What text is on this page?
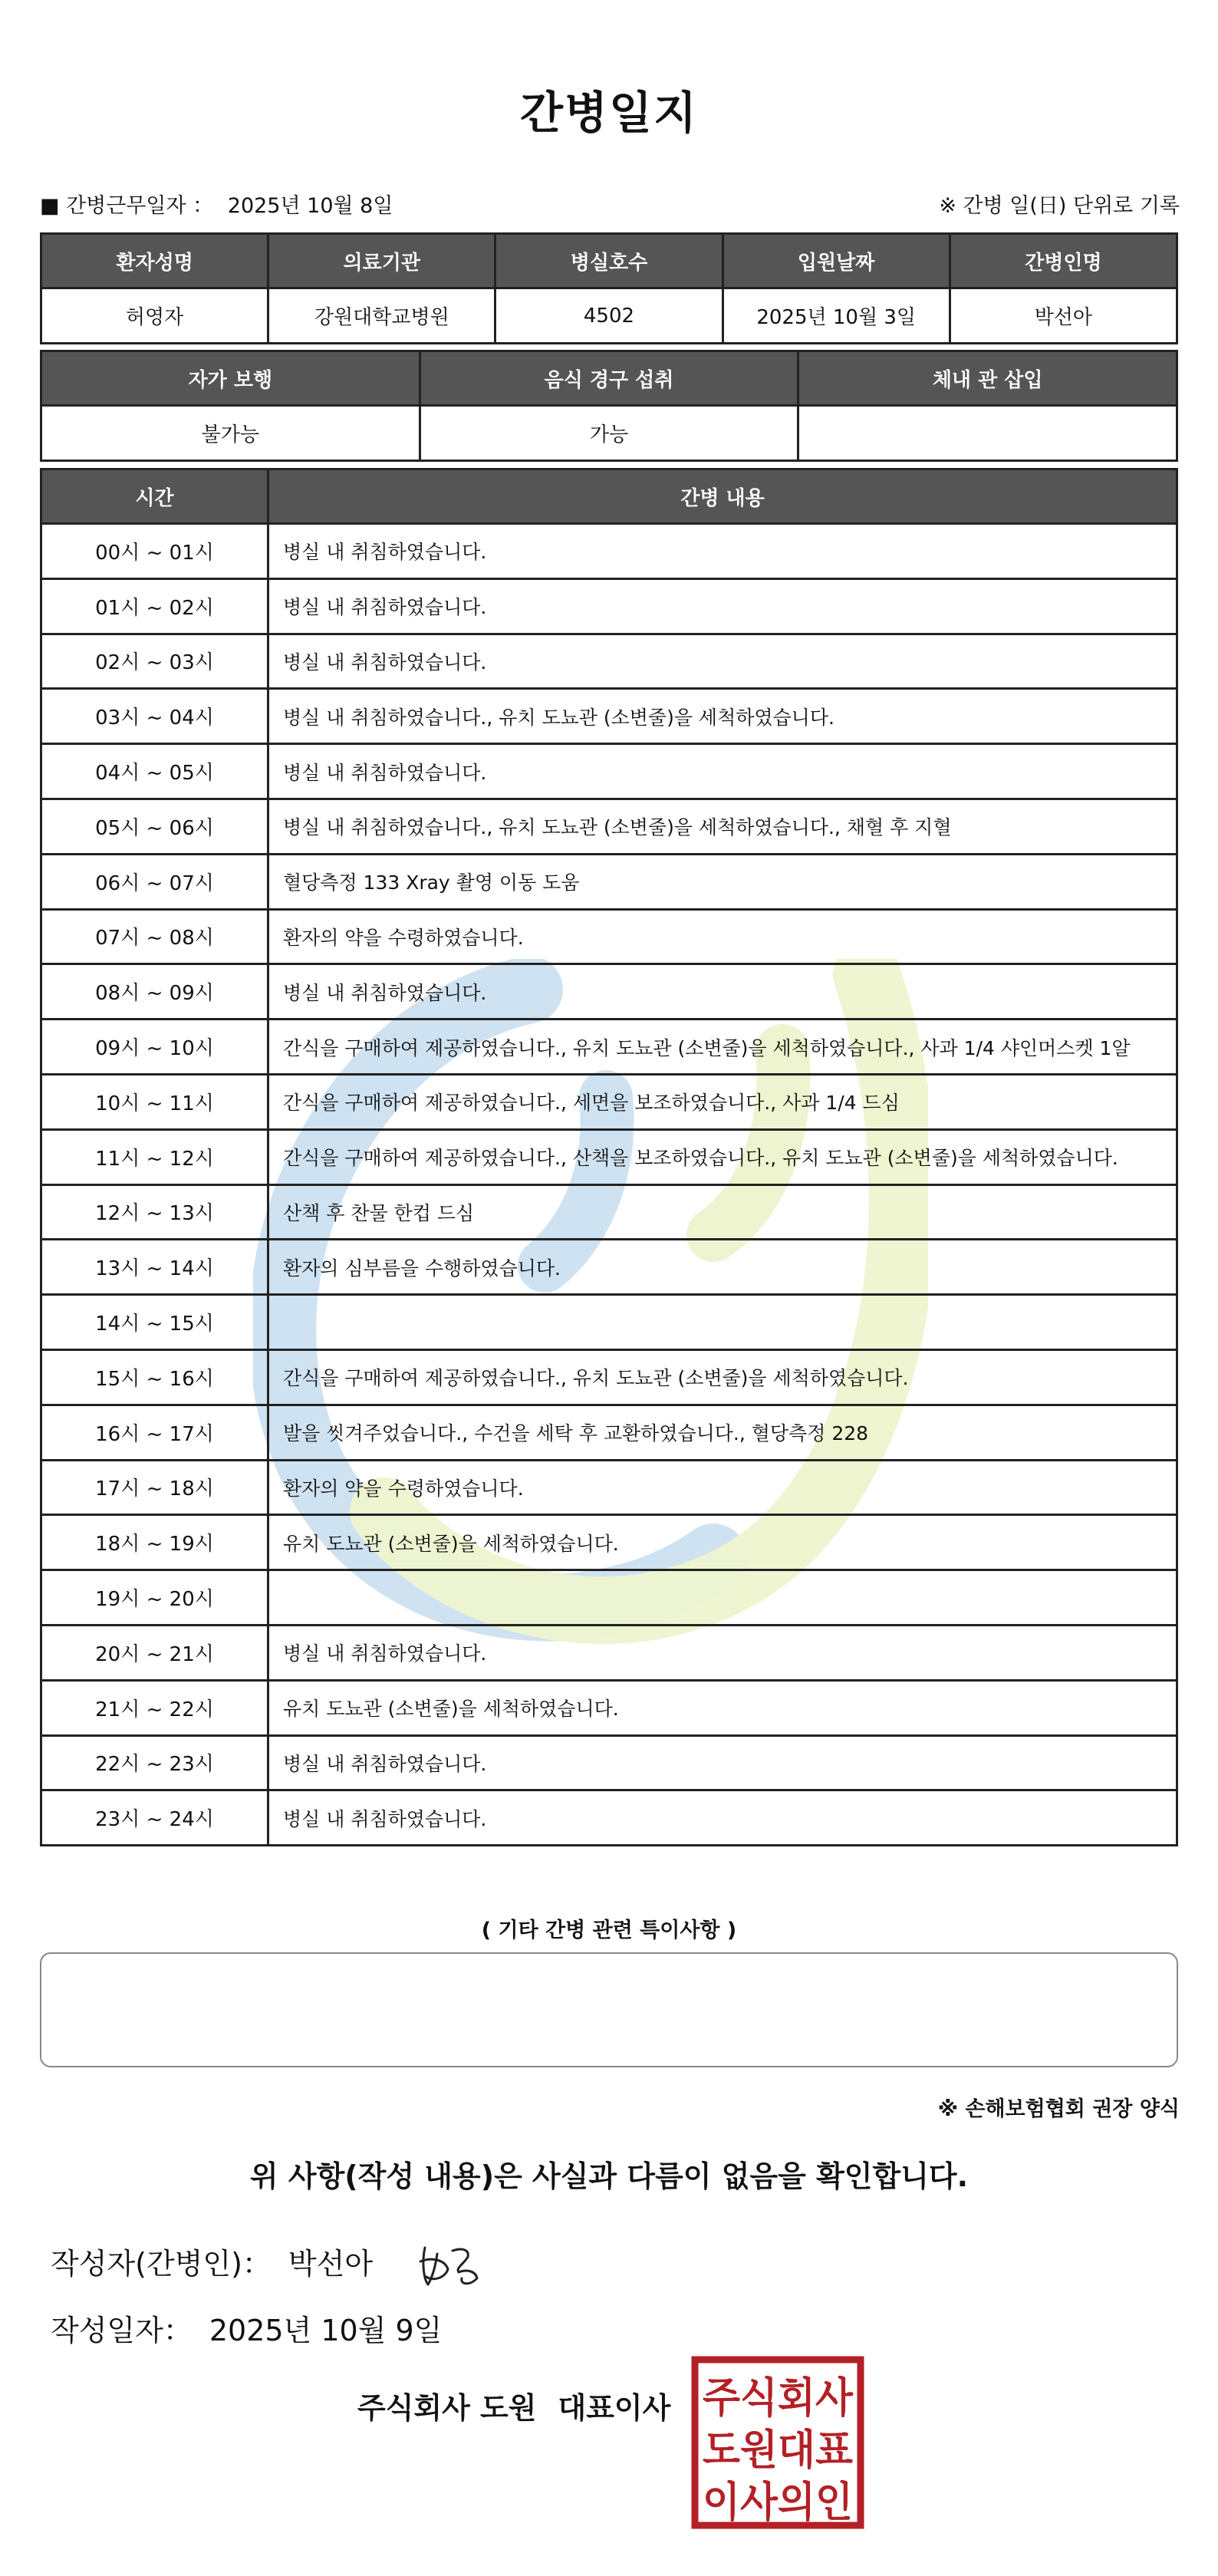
간병일지
■ 간병근무일자 ： 2025년 10월 8일	※ 간병 일(日) 단위로 기록
환자성명	의료기관	병실호수	입원날짜	간병인명
허영자	강원대학교병원	4502	2025년 10월 3일	박선아
자가 보행	음식 경구 섭취	체내 관 삽입
불가능	가능	
시간	간병 내용
00시 ~ 01시	병실 내 취침하였습니다.
01시 ~ 02시	병실 내 취침하였습니다.
02시 ~ 03시	병실 내 취침하였습니다.
03시 ~ 04시	병실 내 취침하였습니다., 유치 도뇨관 (소변줄)을 세척하였습니다.
04시 ~ 05시	병실 내 취침하였습니다.
05시 ~ 06시	병실 내 취침하였습니다., 유치 도뇨관 (소변줄)을 세척하였습니다., 채혈 후 지혈
06시 ~ 07시	혈당측정 133 Xray 촬영 이동 도움
07시 ~ 08시	환자의 약을 수령하였습니다.
08시 ~ 09시	병실 내 취침하였습니다.
09시 ~ 10시	간식을 구매하여 제공하였습니다., 유치 도뇨관 (소변줄)을 세척하였습니다., 사과 1/4 샤인머스켓 1알
10시 ~ 11시	간식을 구매하여 제공하였습니다., 세면을 보조하였습니다., 사과 1/4 드심
11시 ~ 12시	간식을 구매하여 제공하였습니다., 산책을 보조하였습니다., 유치 도뇨관 (소변줄)을 세척하였습니다.
12시 ~ 13시	산책 후 찬물 한컵 드심
13시 ~ 14시	환자의 심부름을 수행하였습니다.
14시 ~ 15시	
15시 ~ 16시	간식을 구매하여 제공하였습니다., 유치 도뇨관 (소변줄)을 세척하였습니다.
16시 ~ 17시	발을 씻겨주었습니다., 수건을 세탁 후 교환하였습니다., 혈당측정 228
17시 ~ 18시	환자의 약을 수령하였습니다.
18시 ~ 19시	유치 도뇨관 (소변줄)을 세척하였습니다.
19시 ~ 20시	
20시 ~ 21시	병실 내 취침하였습니다.
21시 ~ 22시	유치 도뇨관 (소변줄)을 세척하였습니다.
22시 ~ 23시	병실 내 취침하였습니다.
23시 ~ 24시	병실 내 취침하였습니다.
( 기타 간병 관련 특이사항 )
※ 손해보험협회 권장 양식
위 사항(작성 내용)은 사실과 다름이 없음을 확인합니다.
작성자(간병인)： 박선아
작성일자： 2025년 10월 9일
주식회사 도원 대표이사 주식회사
도원대표
이사의인
